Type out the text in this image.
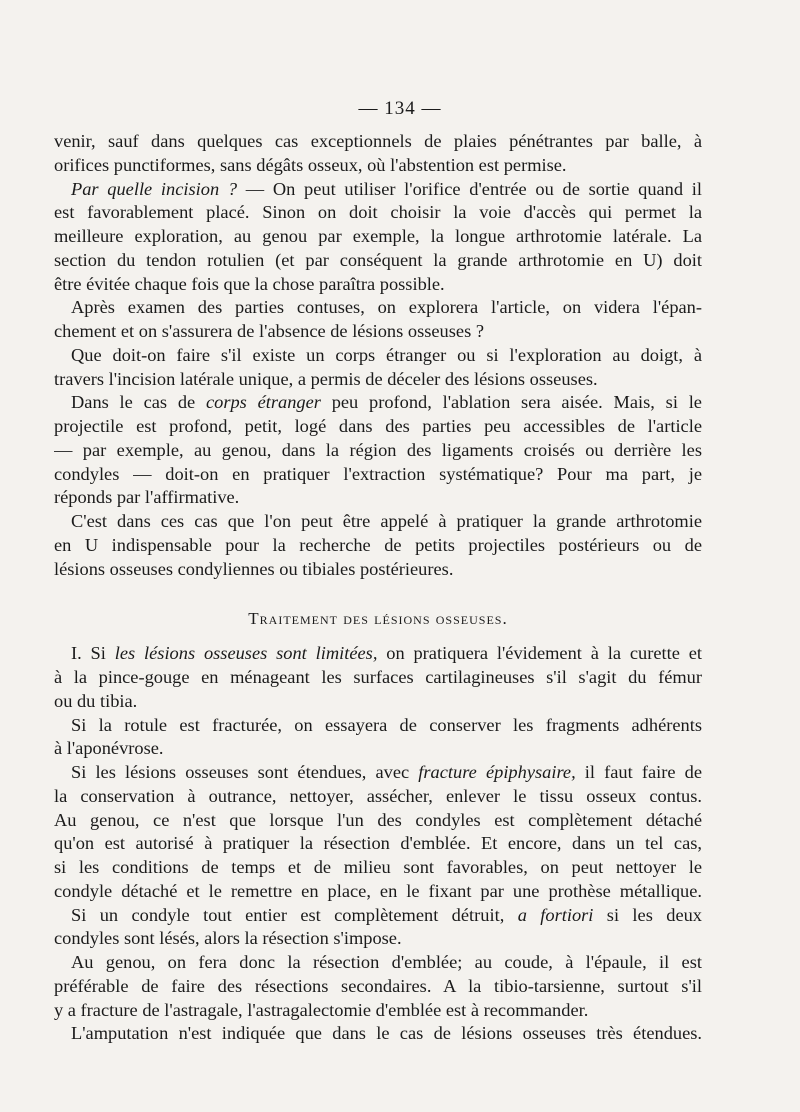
— 134 —
venir, sauf dans quelques cas exceptionnels de plaies pénétrantes par balle, à
orifices punctiformes, sans dégâts osseux, où l'abstention est permise.
Par quelle incision ? — On peut utiliser l'orifice d'entrée ou de sortie quand il
est favorablement placé. Sinon on doit choisir la voie d'accès qui permet la
meilleure exploration, au genou par exemple, la longue arthrotomie latérale. La
section du tendon rotulien (et par conséquent la grande arthrotomie en U) doit
être évitée chaque fois que la chose paraîtra possible.
Après examen des parties contuses, on explorera l'article, on videra l'épan-
chement et on s'assurera de l'absence de lésions osseuses ?
Que doit-on faire s'il existe un corps étranger ou si l'exploration au doigt, à
travers l'incision latérale unique, a permis de déceler des lésions osseuses.
Dans le cas de corps étranger peu profond, l'ablation sera aisée. Mais, si le
projectile est profond, petit, logé dans des parties peu accessibles de l'article
— par exemple, au genou, dans la région des ligaments croisés ou derrière les
condyles — doit-on en pratiquer l'extraction systématique? Pour ma part, je
réponds par l'affirmative.
C'est dans ces cas que l'on peut être appelé à pratiquer la grande arthrotomie
en U indispensable pour la recherche de petits projectiles postérieurs ou de
lésions osseuses condyliennes ou tibiales postérieures.
Traitement des lésions osseuses.
I. Si les lésions osseuses sont limitées, on pratiquera l'évidement à la curette et
à la pince-gouge en ménageant les surfaces cartilagineuses s'il s'agit du fémur
ou du tibia.
Si la rotule est fracturée, on essayera de conserver les fragments adhérents
à l'aponévrose.
Si les lésions osseuses sont étendues, avec fracture épiphysaire, il faut faire de
la conservation à outrance, nettoyer, assécher, enlever le tissu osseux contus.
Au genou, ce n'est que lorsque l'un des condyles est complètement détaché
qu'on est autorisé à pratiquer la résection d'emblée. Et encore, dans un tel cas,
si les conditions de temps et de milieu sont favorables, on peut nettoyer le
condyle détaché et le remettre en place, en le fixant par une prothèse métallique.
Si un condyle tout entier est complètement détruit, a fortiori si les deux
condyles sont lésés, alors la résection s'impose.
Au genou, on fera donc la résection d'emblée; au coude, à l'épaule, il est
préférable de faire des résections secondaires. A la tibio-tarsienne, surtout s'il
y a fracture de l'astragale, l'astragalectomie d'emblée est à recommander.
L'amputation n'est indiquée que dans le cas de lésions osseuses très étendues.
